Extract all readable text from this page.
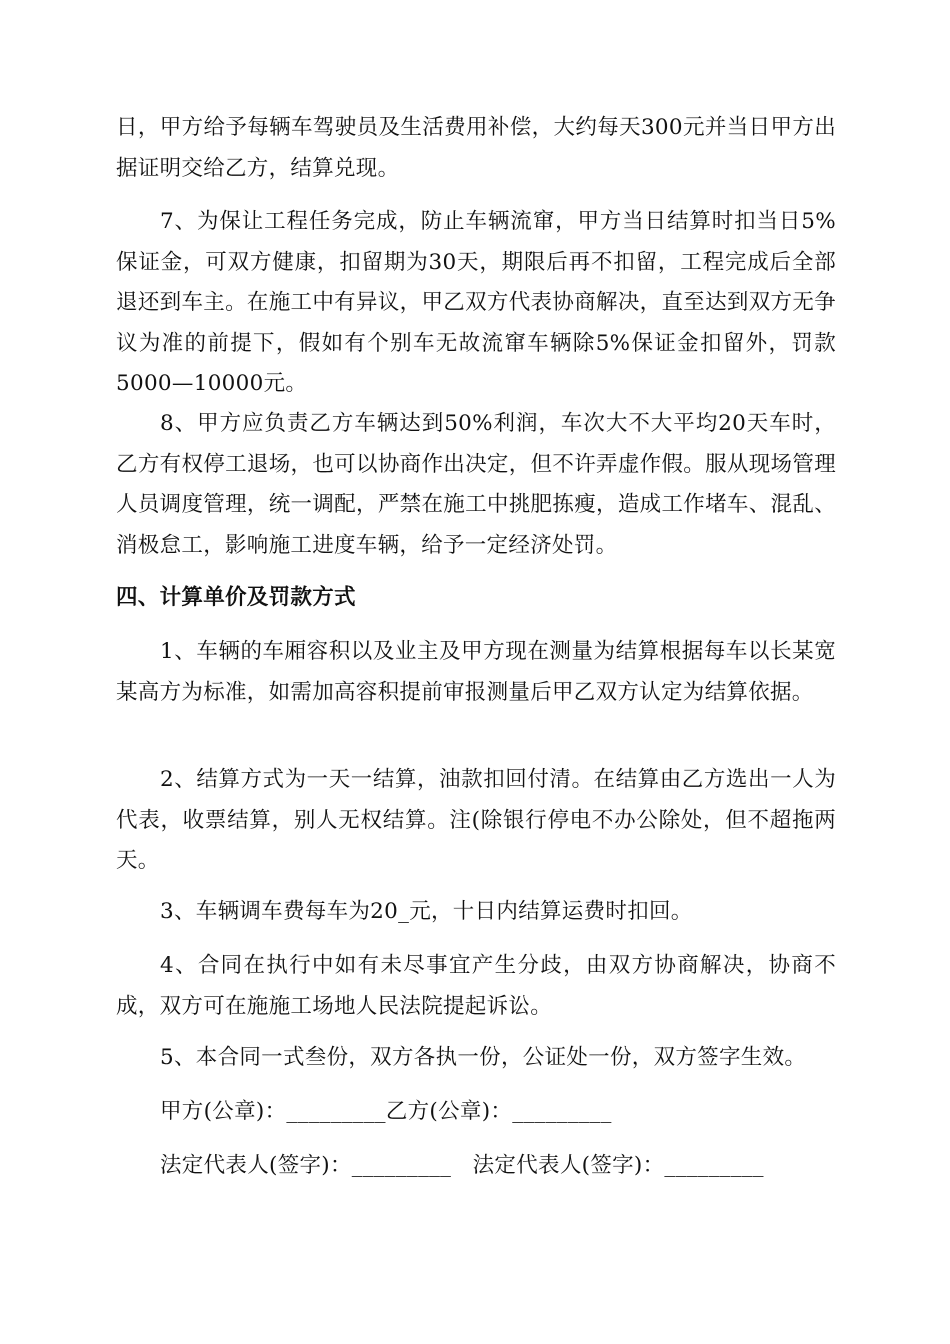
日，甲方给予每辆车驾驶员及生活费用补偿，大约每天300元并当日甲方出据证明交给乙方，结算兑现。

7、为保让工程任务完成，防止车辆流窜，甲方当日结算时扣当日5%保证金，可双方健康，扣留期为30天，期限后再不扣留，工程完成后全部退还到车主。在施工中有异议，甲乙双方代表协商解决，直至达到双方无争议为准的前提下，假如有个别车无故流窜车辆除5%保证金扣留外，罚款5000—10000元。

8、甲方应负责乙方车辆达到50%利润，车次大不大平均20天车时，乙方有权停工退场，也可以协商作出决定，但不许弄虚作假。服从现场管理人员调度管理，统一调配，严禁在施工中挑肥拣瘦，造成工作堵车、混乱、消极怠工，影响施工进度车辆，给予一定经济处罚。

四、计算单价及罚款方式

1、车辆的车厢容积以及业主及甲方现在测量为结算根据每车以长某宽某高方为标准，如需加高容积提前审报测量后甲乙双方认定为结算依据。

2、结算方式为一天一结算，油款扣回付清。在结算由乙方选出一人为代表，收票结算，别人无权结算。注(除银行停电不办公除处，但不超拖两天。

3、车辆调车费每车为20_元，十日内结算运费时扣回。

4、合同在执行中如有未尽事宜产生分歧，由双方协商解决，协商不成，双方可在施施工场地人民法院提起诉讼。

5、本合同一式叁份，双方各执一份，公证处一份，双方签字生效。

甲方(公章)：_________乙方(公章)：_________

法定代表人(签字)：_________   法定代表人(签字)：_________
